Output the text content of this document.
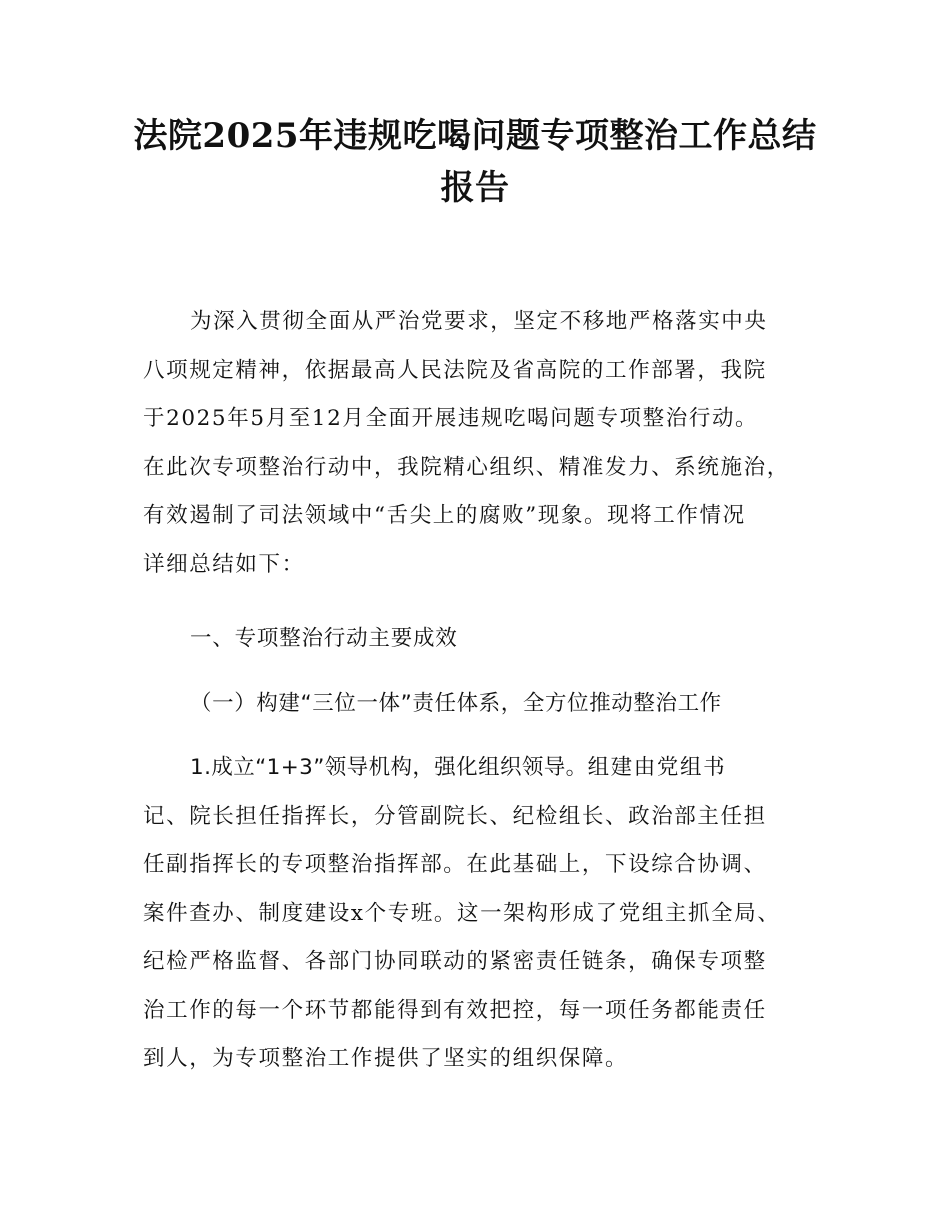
法院2025年违规吃喝问题专项整治工作总结
报告
为深入贯彻全面从严治党要求，坚定不移地严格落实中央
八项规定精神，依据最高人民法院及省高院的工作部署，我院
于2025年5月至12月全面开展违规吃喝问题专项整治行动。
在此次专项整治行动中，我院精心组织、精准发力、系统施治，
有效遏制了司法领域中“舌尖上的腐败”现象。现将工作情况
详细总结如下：
一、专项整治行动主要成效
（一）构建“三位一体”责任体系，全方位推动整治工作
1.成立“1+3”领导机构，强化组织领导。组建由党组书
记、院长担任指挥长，分管副院长、纪检组长、政治部主任担
任副指挥长的专项整治指挥部。在此基础上，下设综合协调、
案件查办、制度建设x个专班。这一架构形成了党组主抓全局、
纪检严格监督、各部门协同联动的紧密责任链条，确保专项整
治工作的每一个环节都能得到有效把控，每一项任务都能责任
到人，为专项整治工作提供了坚实的组织保障。
